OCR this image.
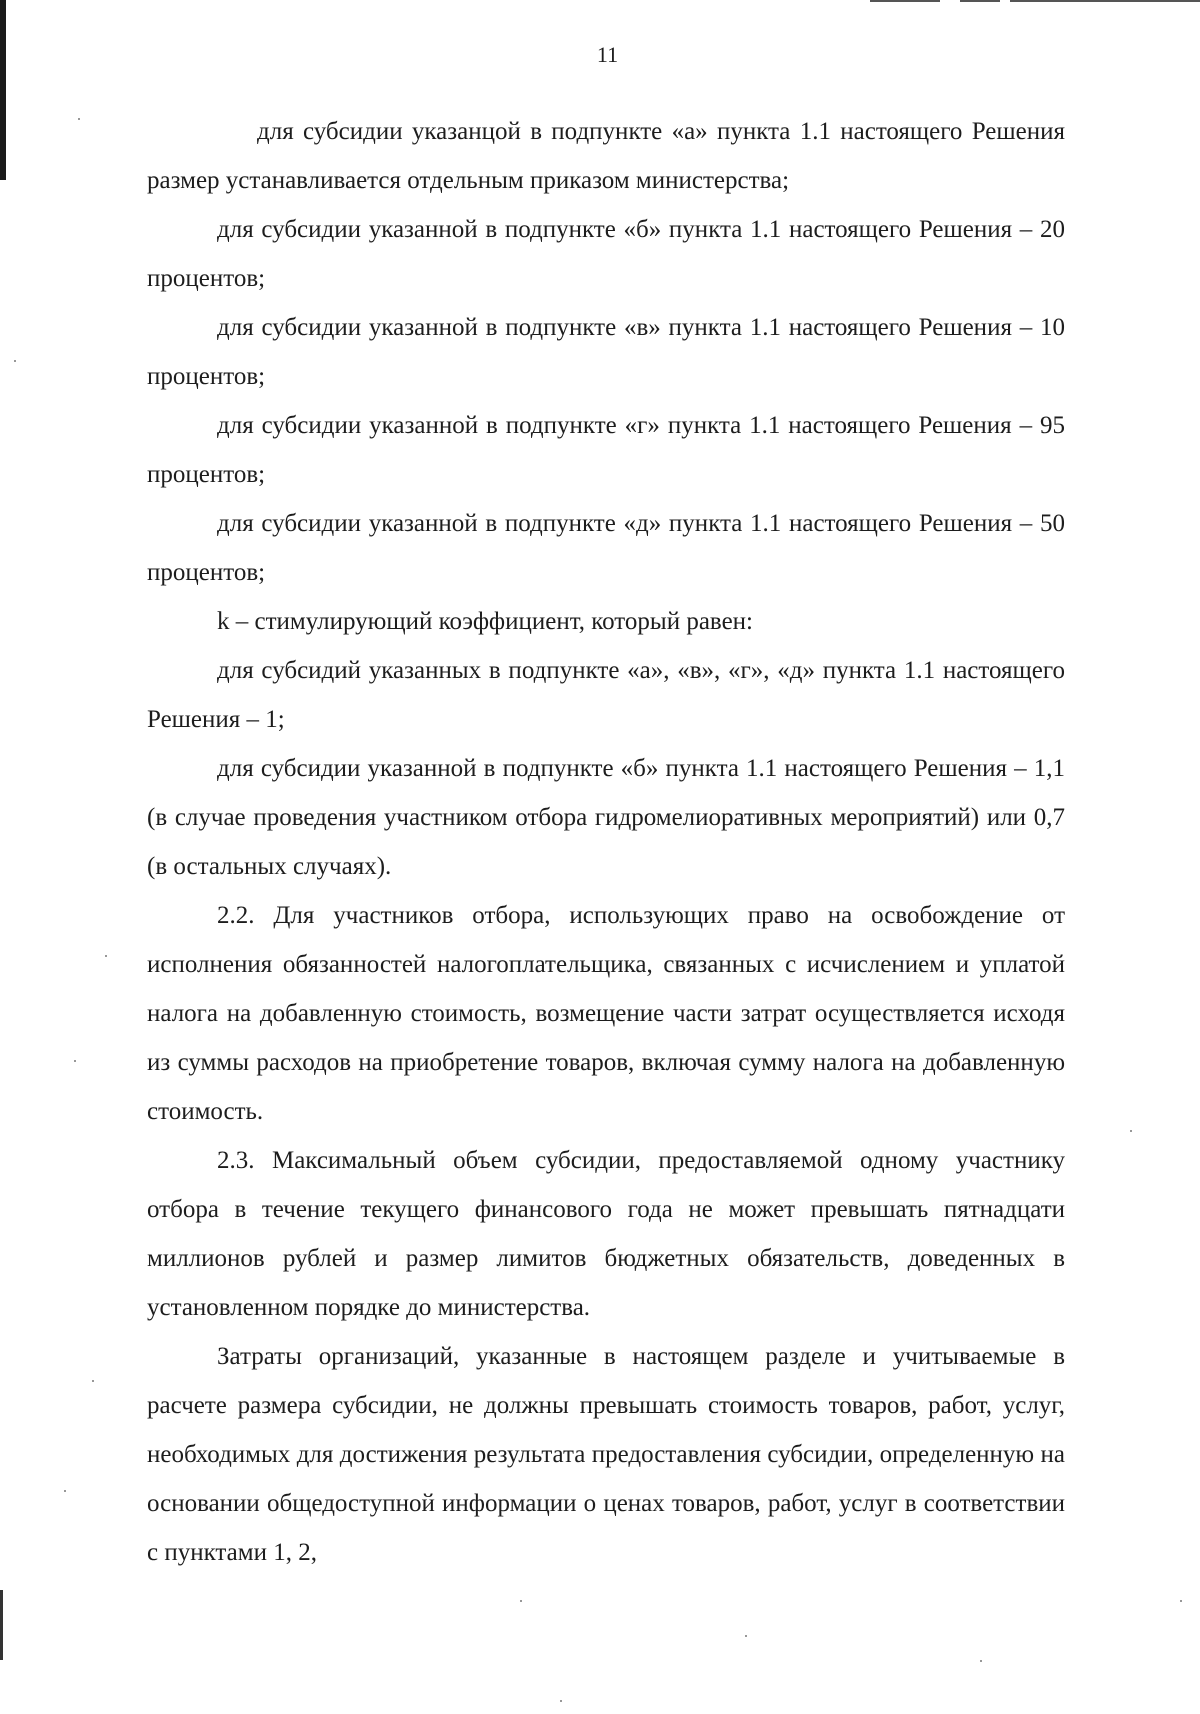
11

для субсидии указанцой в подпункте «а» пункта 1.1 настоящего Решения размер устанавливается отдельным приказом министерства;

для субсидии указанной в подпункте «б» пункта 1.1 настоящего Решения – 20 процентов;

для субсидии указанной в подпункте «в» пункта 1.1 настоящего Решения – 10 процентов;

для субсидии указанной в подпункте «г» пункта 1.1 настоящего Решения – 95 процентов;

для субсидии указанной в подпункте «д» пункта 1.1 настоящего Решения – 50 процентов;

k – стимулирующий коэффициент, который равен:

для субсидий указанных в подпункте «а», «в», «г», «д» пункта 1.1 настоящего Решения – 1;

для субсидии указанной в подпункте «б» пункта 1.1 настоящего Решения – 1,1 (в случае проведения участником отбора гидромелиоративных мероприятий) или 0,7 (в остальных случаях).

2.2. Для участников отбора, использующих право на освобождение от исполнения обязанностей налогоплательщика, связанных с исчислением и уплатой налога на добавленную стоимость, возмещение части затрат осуществляется исходя из суммы расходов на приобретение товаров, включая сумму налога на добавленную стоимость.

2.3. Максимальный объем субсидии, предоставляемой одному участнику отбора в течение текущего финансового года не может превышать пятнадцати миллионов рублей и размер лимитов бюджетных обязательств, доведенных в установленном порядке до министерства.

Затраты организаций, указанные в настоящем разделе и учитываемые в расчете размера субсидии, не должны превышать стоимость товаров, работ, услуг, необходимых для достижения результата предоставления субсидии, определенную на основании общедоступной информации о ценах товаров, работ, услуг в соответствии с пунктами 1, 2,
